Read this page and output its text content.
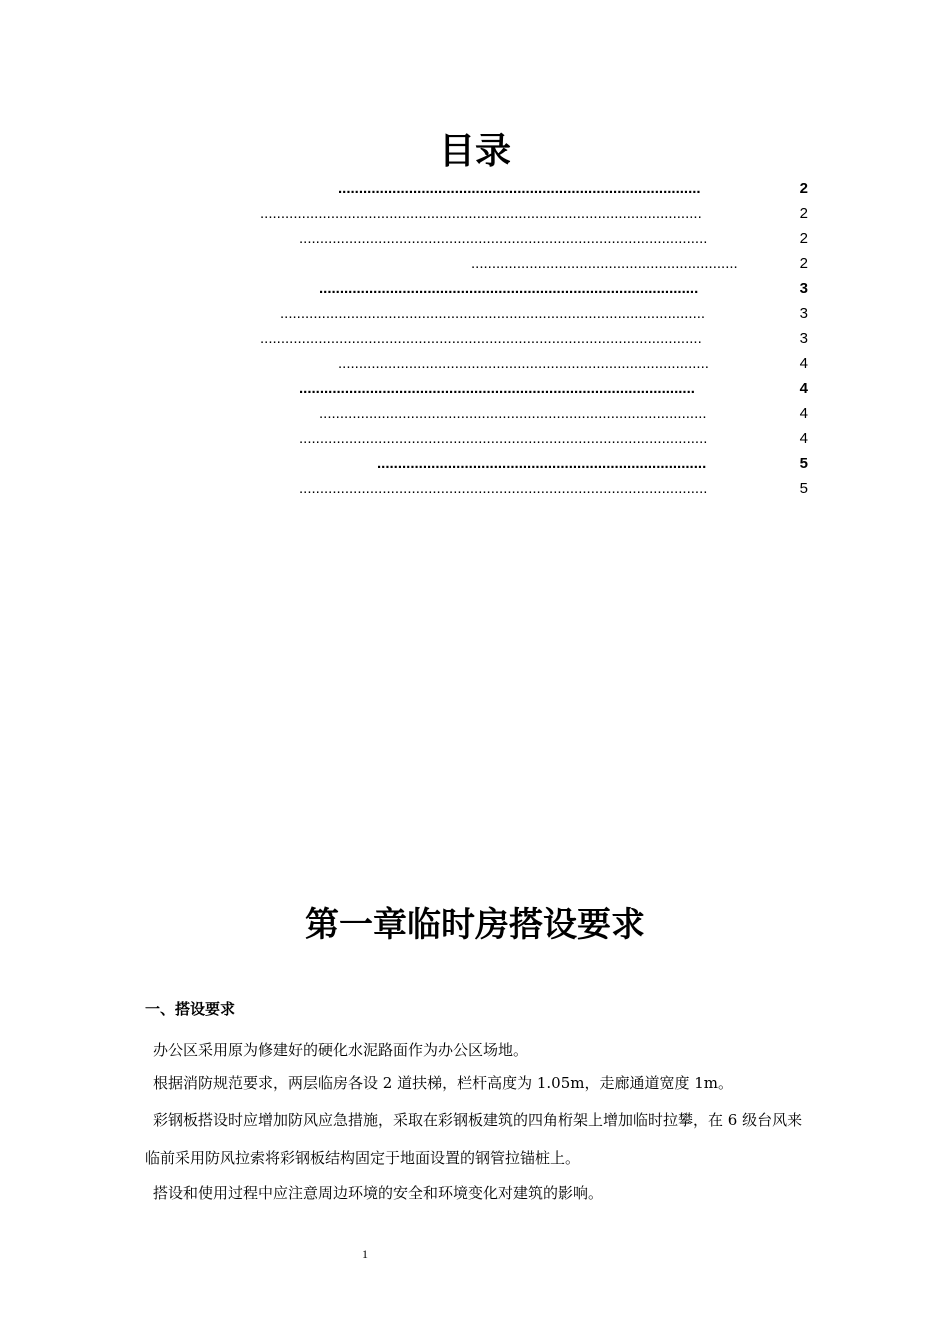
目录
.......................................................................................	2
..........................................................................................................	2
..................................................................................................	2
................................................................	2
...........................................................................................	3
......................................................................................................	3
..........................................................................................................	3
.........................................................................................	4
...............................................................................................	4
.............................................................................................	4
..................................................................................................	4
...............................................................................	5
..................................................................................................	5
第一章临时房搭设要求
一、搭设要求
办公区采用原为修建好的硬化水泥路面作为办公区场地。
根据消防规范要求，两层临房各设 2 道扶梯，栏杆高度为 1.05m，走廊通道宽度 1m。
彩钢板搭设时应增加防风应急措施，采取在彩钢板建筑的四角桁架上增加临时拉攀，在 6 级台风来临前采用防风拉索将彩钢板结构固定于地面设置的钢管拉锚桩上。
搭设和使用过程中应注意周边环境的安全和环境变化对建筑的影响。
1
